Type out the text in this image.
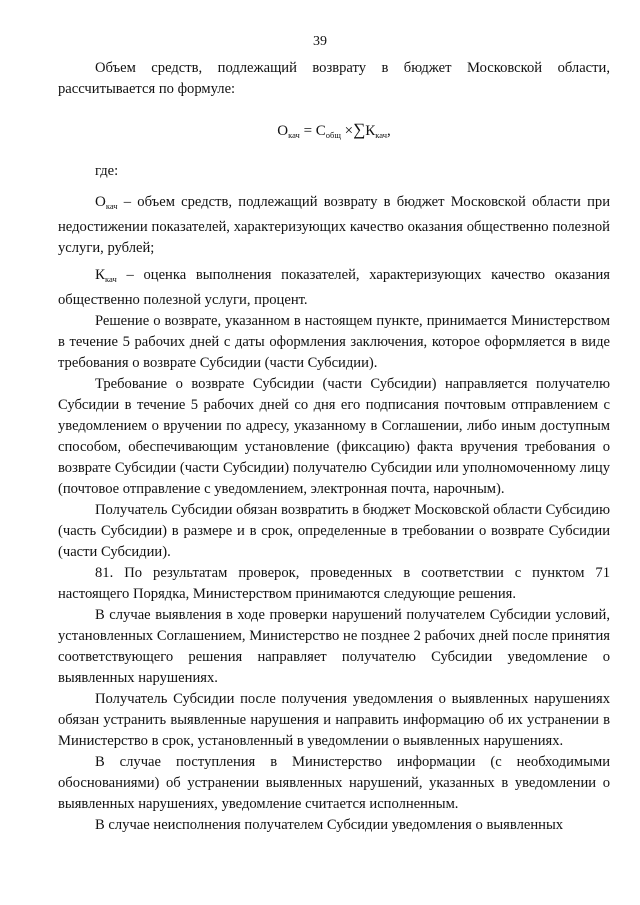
39

Объем средств, подлежащий возврату в бюджет Московской области, рассчитывается по формуле:

$О_{кач} = С_{общ} \times\sum К_{кач}$,

где:

$О_{кач}$ – объем средств, подлежащий возврату в бюджет Московской области при недостижении показателей, характеризующих качество оказания общественно полезной услуги, рублей;

$К_{кач}$ – оценка выполнения показателей, характеризующих качество оказания общественно полезной услуги, процент.

Решение о возврате, указанном в настоящем пункте, принимается Министерством в течение 5 рабочих дней с даты оформления заключения, которое оформляется в виде требования о возврате Субсидии (части Субсидии).

Требование о возврате Субсидии (части Субсидии) направляется получателю Субсидии в течение 5 рабочих дней со дня его подписания почтовым отправлением с уведомлением о вручении по адресу, указанному в Соглашении, либо иным доступным способом, обеспечивающим установление (фиксацию) факта вручения требования о возврате Субсидии (части Субсидии) получателю Субсидии или уполномоченному лицу (почтовое отправление с уведомлением, электронная почта, нарочным).

Получатель Субсидии обязан возвратить в бюджет Московской области Субсидию (часть Субсидии) в размере и в срок, определенные в требовании о возврате Субсидии (части Субсидии).

81. По результатам проверок, проведенных в соответствии с пунктом 71 настоящего Порядка, Министерством принимаются следующие решения.

В случае выявления в ходе проверки нарушений получателем Субсидии условий, установленных Соглашением, Министерство не позднее 2 рабочих дней после принятия соответствующего решения направляет получателю Субсидии уведомление о выявленных нарушениях.

Получатель Субсидии после получения уведомления о выявленных нарушениях обязан устранить выявленные нарушения и направить информацию об их устранении в Министерство в срок, установленный в уведомлении о выявленных нарушениях.

В случае поступления в Министерство информации (с необходимыми обоснованиями) об устранении выявленных нарушений, указанных в уведомлении о выявленных нарушениях, уведомление считается исполненным.

В случае неисполнения получателем Субсидии уведомления о выявленных
